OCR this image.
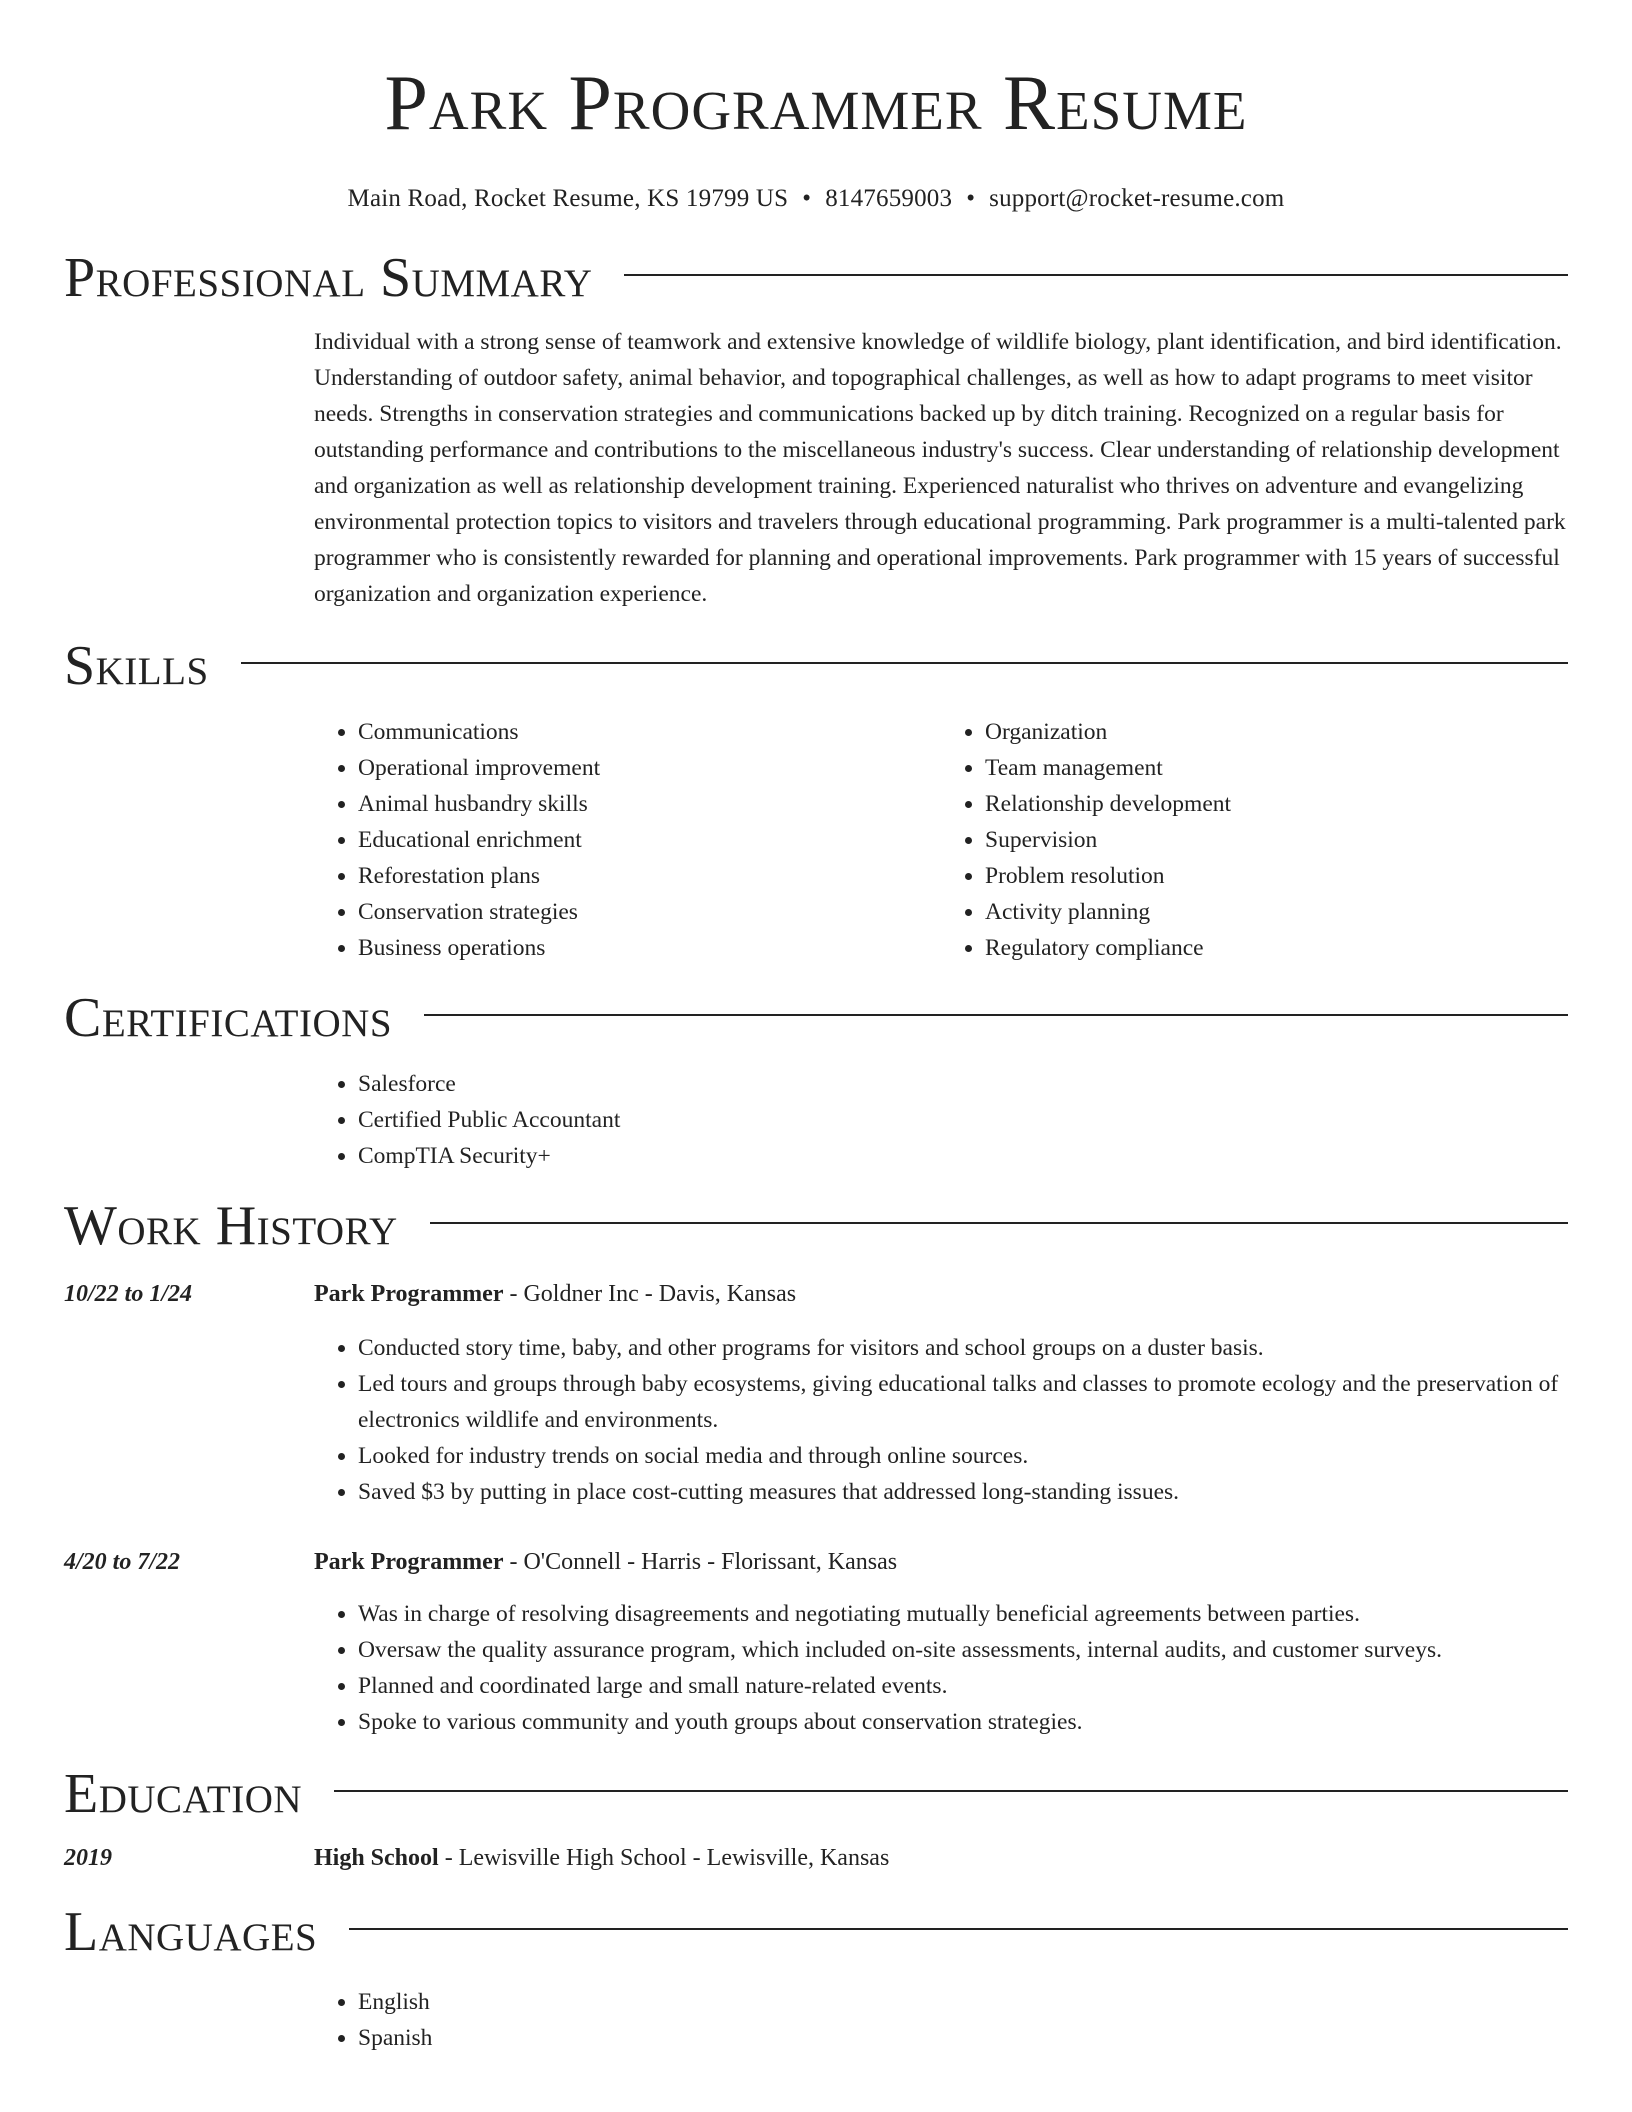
Park Programmer Resume
Main Road, Rocket Resume, KS 19799 US • 8147659003 • support@rocket-resume.com
Professional Summary

Individual with a strong sense of teamwork and extensive knowledge of wildlife biology, plant identification, and bird identification. Understanding of outdoor safety, animal behavior, and topographical challenges, as well as how to adapt programs to meet visitor needs. Strengths in conservation strategies and communications backed up by ditch training. Recognized on a regular basis for outstanding performance and contributions to the miscellaneous industry's success. Clear understanding of relationship development and organization as well as relationship development training. Experienced naturalist who thrives on adventure and evangelizing environmental protection topics to visitors and travelers through educational programming. Park programmer is a multi-talented park programmer who is consistently rewarded for planning and operational improvements. Park programmer with 15 years of successful organization and organization experience.

Skills
• Communications
• Operational improvement
• Animal husbandry skills
• Educational enrichment
• Reforestation plans
• Conservation strategies
• Business operations
• Organization
• Team management
• Relationship development
• Supervision
• Problem resolution
• Activity planning
• Regulatory compliance
Certifications
• Salesforce
• Certified Public Accountant
• CompTIA Security+
Work History
10/22 to 1/24	Park Programmer - Goldner Inc - Davis, Kansas
• Conducted story time, baby, and other programs for visitors and school groups on a duster basis.
• Led tours and groups through baby ecosystems, giving educational talks and classes to promote ecology and the preservation of electronics wildlife and environments.
• Looked for industry trends on social media and through online sources.
• Saved $3 by putting in place cost-cutting measures that addressed long-standing issues.
4/20 to 7/22	Park Programmer - O'Connell - Harris - Florissant, Kansas
• Was in charge of resolving disagreements and negotiating mutually beneficial agreements between parties.
• Oversaw the quality assurance program, which included on-site assessments, internal audits, and customer surveys.
• Planned and coordinated large and small nature-related events.
• Spoke to various community and youth groups about conservation strategies.
Education
2019	High School - Lewisville High School - Lewisville, Kansas
Languages
• English
• Spanish
